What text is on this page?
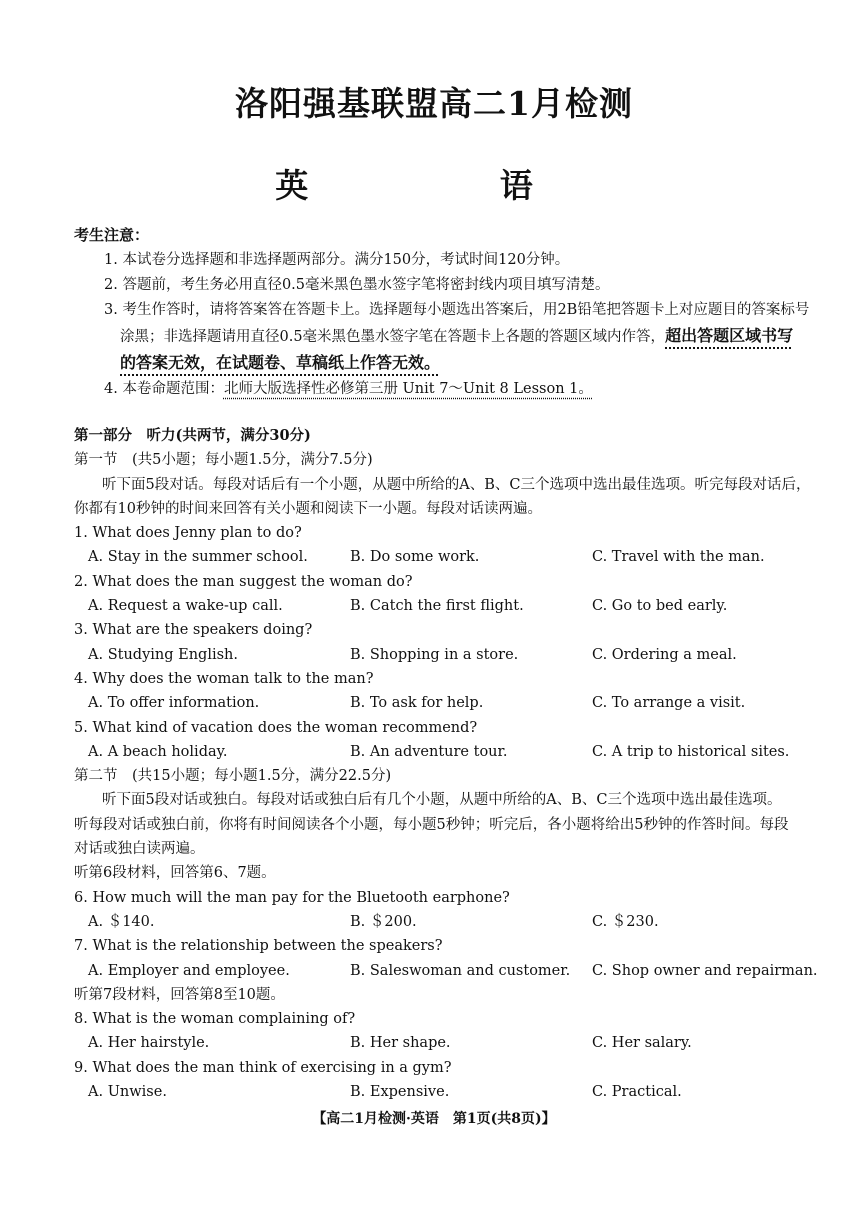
洛阳强基联盟高二1月检测
英 语
考生注意：
1. 本试卷分选择题和非选择题两部分。满分150分，考试时间120分钟。
2. 答题前，考生务必用直径0.5毫米黑色墨水签字笔将密封线内项目填写清楚。
3. 考生作答时，请将答案答在答题卡上。选择题每小题选出答案后，用2B铅笔把答题卡上对应题目的答案标号
涂黑；非选择题请用直径0.5毫米黑色墨水签字笔在答题卡上各题的答题区域内作答，超出答题区域书写
的答案无效，在试题卷、草稿纸上作答无效。
4. 本卷命题范围：北师大版选择性必修第三册 Unit 7～Unit 8 Lesson 1。
第一部分　听力(共两节，满分30分)
第一节　(共5小题；每小题1.5分，满分7.5分)
听下面5段对话。每段对话后有一个小题，从题中所给的A、B、C三个选项中选出最佳选项。听完每段对话后，
你都有10秒钟的时间来回答有关小题和阅读下一小题。每段对话读两遍。
1. What does Jenny plan to do?
A. Stay in the summer school.	B. Do some work.	C. Travel with the man.
2. What does the man suggest the woman do?
A. Request a wake-up call.	B. Catch the first flight.	C. Go to bed early.
3. What are the speakers doing?
A. Studying English.	B. Shopping in a store.	C. Ordering a meal.
4. Why does the woman talk to the man?
A. To offer information.	B. To ask for help.	C. To arrange a visit.
5. What kind of vacation does the woman recommend?
A. A beach holiday.	B. An adventure tour.	C. A trip to historical sites.
第二节　(共15小题；每小题1.5分，满分22.5分)
听下面5段对话或独白。每段对话或独白后有几个小题，从题中所给的A、B、C三个选项中选出最佳选项。
听每段对话或独白前，你将有时间阅读各个小题，每小题5秒钟；听完后，各小题将给出5秒钟的作答时间。每段
对话或独白读两遍。
听第6段材料，回答第6、7题。
6. How much will the man pay for the Bluetooth earphone?
A. ＄140.	B. ＄200.	C. ＄230.
7. What is the relationship between the speakers?
A. Employer and employee.	B. Saleswoman and customer. C. Shop owner and repairman.
听第7段材料，回答第8至10题。
8. What is the woman complaining of?
A. Her hairstyle.	B. Her shape.	C. Her salary.
9. What does the man think of exercising in a gym?
A. Unwise.	B. Expensive.	C. Practical.
【高二1月检测·英语　第1页(共8页)】
